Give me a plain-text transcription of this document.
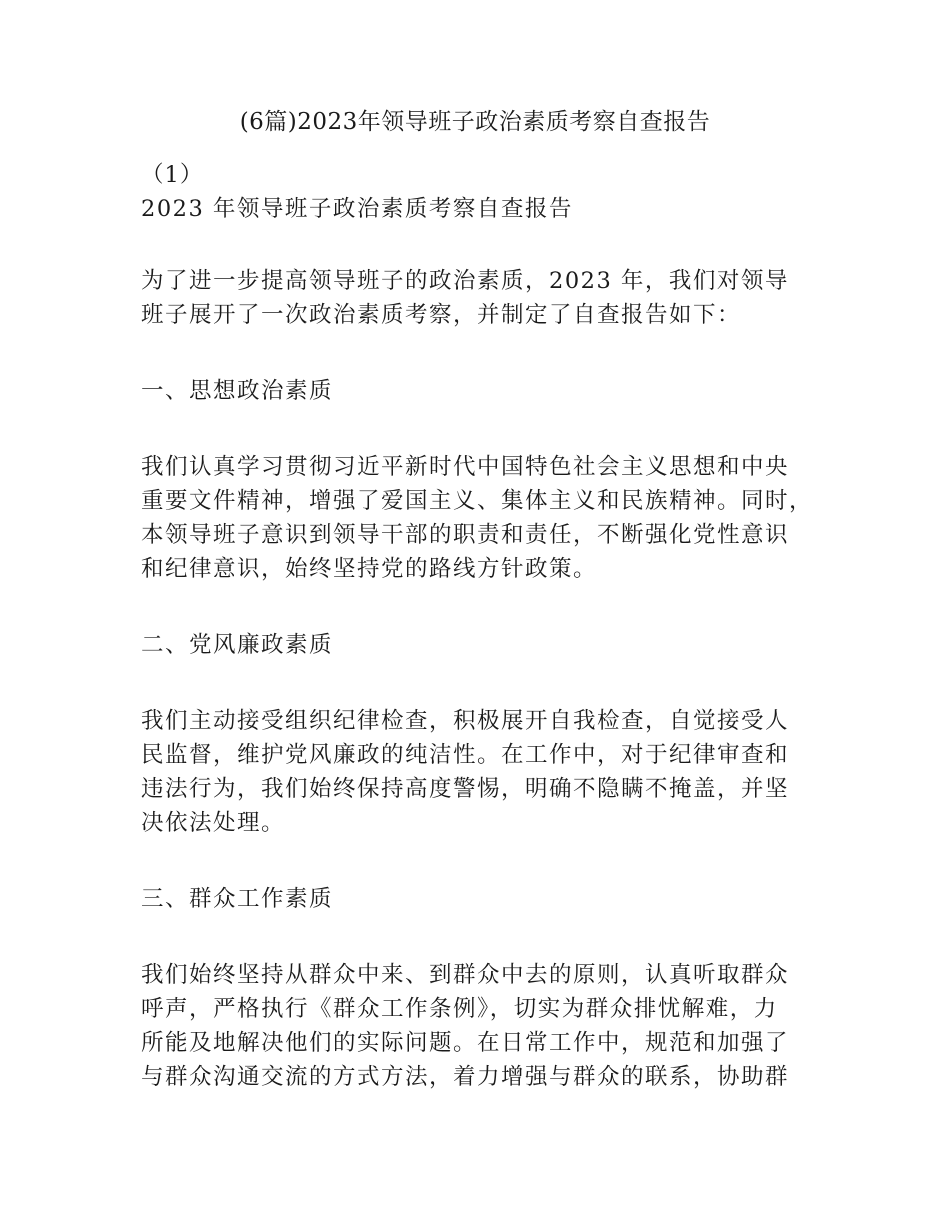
(6篇)2023年领导班子政治素质考察自查报告
（1）
2023 年领导班子政治素质考察自查报告
为了进一步提高领导班子的政治素质，2023 年，我们对领导
班子展开了一次政治素质考察，并制定了自查报告如下：
一、思想政治素质
我们认真学习贯彻习近平新时代中国特色社会主义思想和中央
重要文件精神，增强了爱国主义、集体主义和民族精神。同时，
本领导班子意识到领导干部的职责和责任，不断强化党性意识
和纪律意识，始终坚持党的路线方针政策。
二、党风廉政素质
我们主动接受组织纪律检查，积极展开自我检查，自觉接受人
民监督，维护党风廉政的纯洁性。在工作中，对于纪律审查和
违法行为，我们始终保持高度警惕，明确不隐瞒不掩盖，并坚
决依法处理。
三、群众工作素质
我们始终坚持从群众中来、到群众中去的原则，认真听取群众
呼声，严格执行《群众工作条例》，切实为群众排忧解难，力
所能及地解决他们的实际问题。在日常工作中，规范和加强了
与群众沟通交流的方式方法，着力增强与群众的联系，协助群
